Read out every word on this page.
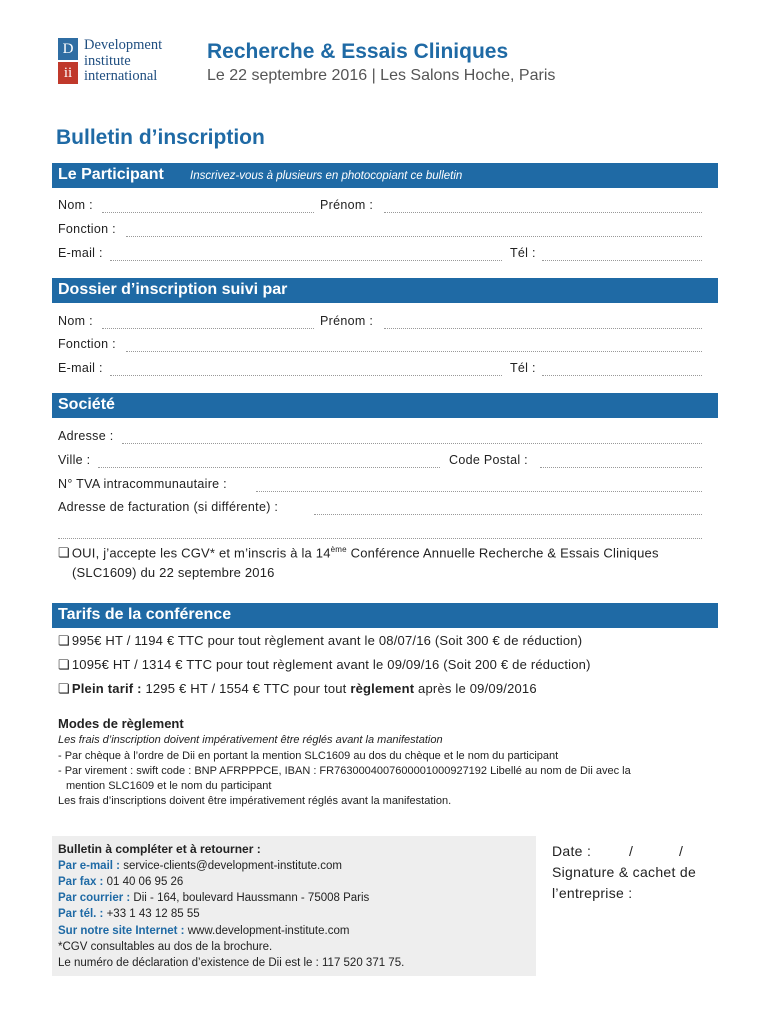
D
ii
Development
institute
international
Recherche & Essais Cliniques
Le 22 septembre 2016 | Les Salons Hoche, Paris
Bulletin d’inscription
Le Participant Inscrivez-vous à plusieurs en photocopiant ce bulletin
Nom :	Prénom :
Fonction :
E-mail :	Tél :
Dossier d’inscription suivi par
Nom :	Prénom :
Fonction :
E-mail :	Tél :
Société
Adresse :
Ville :	Code Postal :
N° TVA intracommunautaire :
Adresse de facturation (si différente) :
❏ OUI, j’accepte les CGV* et m’inscris à la 14ème Conférence Annuelle Recherche & Essais Cliniques
(SLC1609) du 22 septembre 2016
Tarifs de la conférence
❏ 995€ HT / 1194 € TTC pour tout règlement avant le 08/07/16 (Soit 300 € de réduction)
❏ 1095€ HT / 1314 € TTC pour tout règlement avant le 09/09/16 (Soit 200 € de réduction)
❏ Plein tarif : 1295 € HT / 1554 € TTC pour tout règlement après le 09/09/2016
Modes de règlement
Les frais d’inscription doivent impérativement être réglés avant la manifestation
- Par chèque à l’ordre de Dii en portant la mention SLC1609 au dos du chèque et le nom du participant
- Par virement : swift code : BNP AFRPPPCE, IBAN : FR7630004007600001000927192 Libellé au nom de Dii avec la
mention SLC1609 et le nom du participant
Les frais d’inscriptions doivent être impérativement réglés avant la manifestation.
Bulletin à compléter et à retourner :
Par e-mail : service-clients@development-institute.com
Par fax : 01 40 06 95 26
Par courrier : Dii - 164, boulevard Haussmann - 75008 Paris
Par tél. : +33 1 43 12 85 55
Sur notre site Internet : www.development-institute.com
*CGV consultables au dos de la brochure.
Le numéro de déclaration d’existence de Dii est le : 117 520 371 75.
Date :	/	/
Signature & cachet de
l’entreprise :
